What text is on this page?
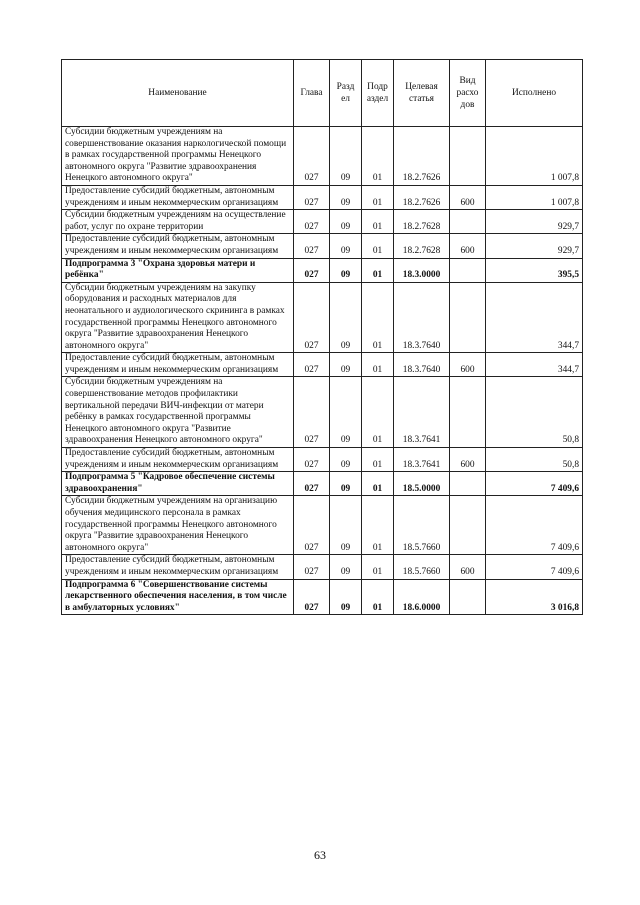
Наименование	Глава	Разд ел	Подр аздел	Целевая статья	Вид расхо дов	Исполнено
Субсидии бюджетным учреждениям на совершенствование оказания наркологической помощи в рамках государственной программы Ненецкого автономного округа "Развитие здравоохранения Ненецкого автономного округа"	027	09	01	18.2.7626		1 007,8
Предоставление субсидий бюджетным, автономным учреждениям и иным некоммерческим организациям	027	09	01	18.2.7626	600	1 007,8
Субсидии бюджетным учреждениям на осуществление работ, услуг по охране территории	027	09	01	18.2.7628		929,7
Предоставление субсидий бюджетным, автономным учреждениям и иным некоммерческим организациям	027	09	01	18.2.7628	600	929,7
Подпрограмма 3 "Охрана здоровья матери и ребёнка"	027	09	01	18.3.0000		395,5
Субсидии бюджетным учреждениям на закупку оборудования и расходных материалов для неонатального и аудиологического скрининга в рамках государственной программы Ненецкого автономного округа "Развитие здравоохранения Ненецкого автономного округа"	027	09	01	18.3.7640		344,7
Предоставление субсидий бюджетным, автономным учреждениям и иным некоммерческим организациям	027	09	01	18.3.7640	600	344,7
Субсидии бюджетным учреждениям на совершенствование методов профилактики вертикальной передачи ВИЧ-инфекции от матери ребёнку в рамках государственной программы Ненецкого автономного округа "Развитие здравоохранения Ненецкого автономного округа"	027	09	01	18.3.7641		50,8
Предоставление субсидий бюджетным, автономным учреждениям и иным некоммерческим организациям	027	09	01	18.3.7641	600	50,8
Подпрограмма 5 "Кадровое обеспечение системы здравоохранения"	027	09	01	18.5.0000		7 409,6
Субсидии бюджетным учреждениям на организацию обучения медицинского персонала в рамках государственной программы Ненецкого автономного округа "Развитие здравоохранения Ненецкого автономного округа"	027	09	01	18.5.7660		7 409,6
Предоставление субсидий бюджетным, автономным учреждениям и иным некоммерческим организациям	027	09	01	18.5.7660	600	7 409,6
Подпрограмма 6 "Совершенствование системы лекарственного обеспечения населения, в том числе в амбулаторных условиях"	027	09	01	18.6.0000		3 016,8
63
